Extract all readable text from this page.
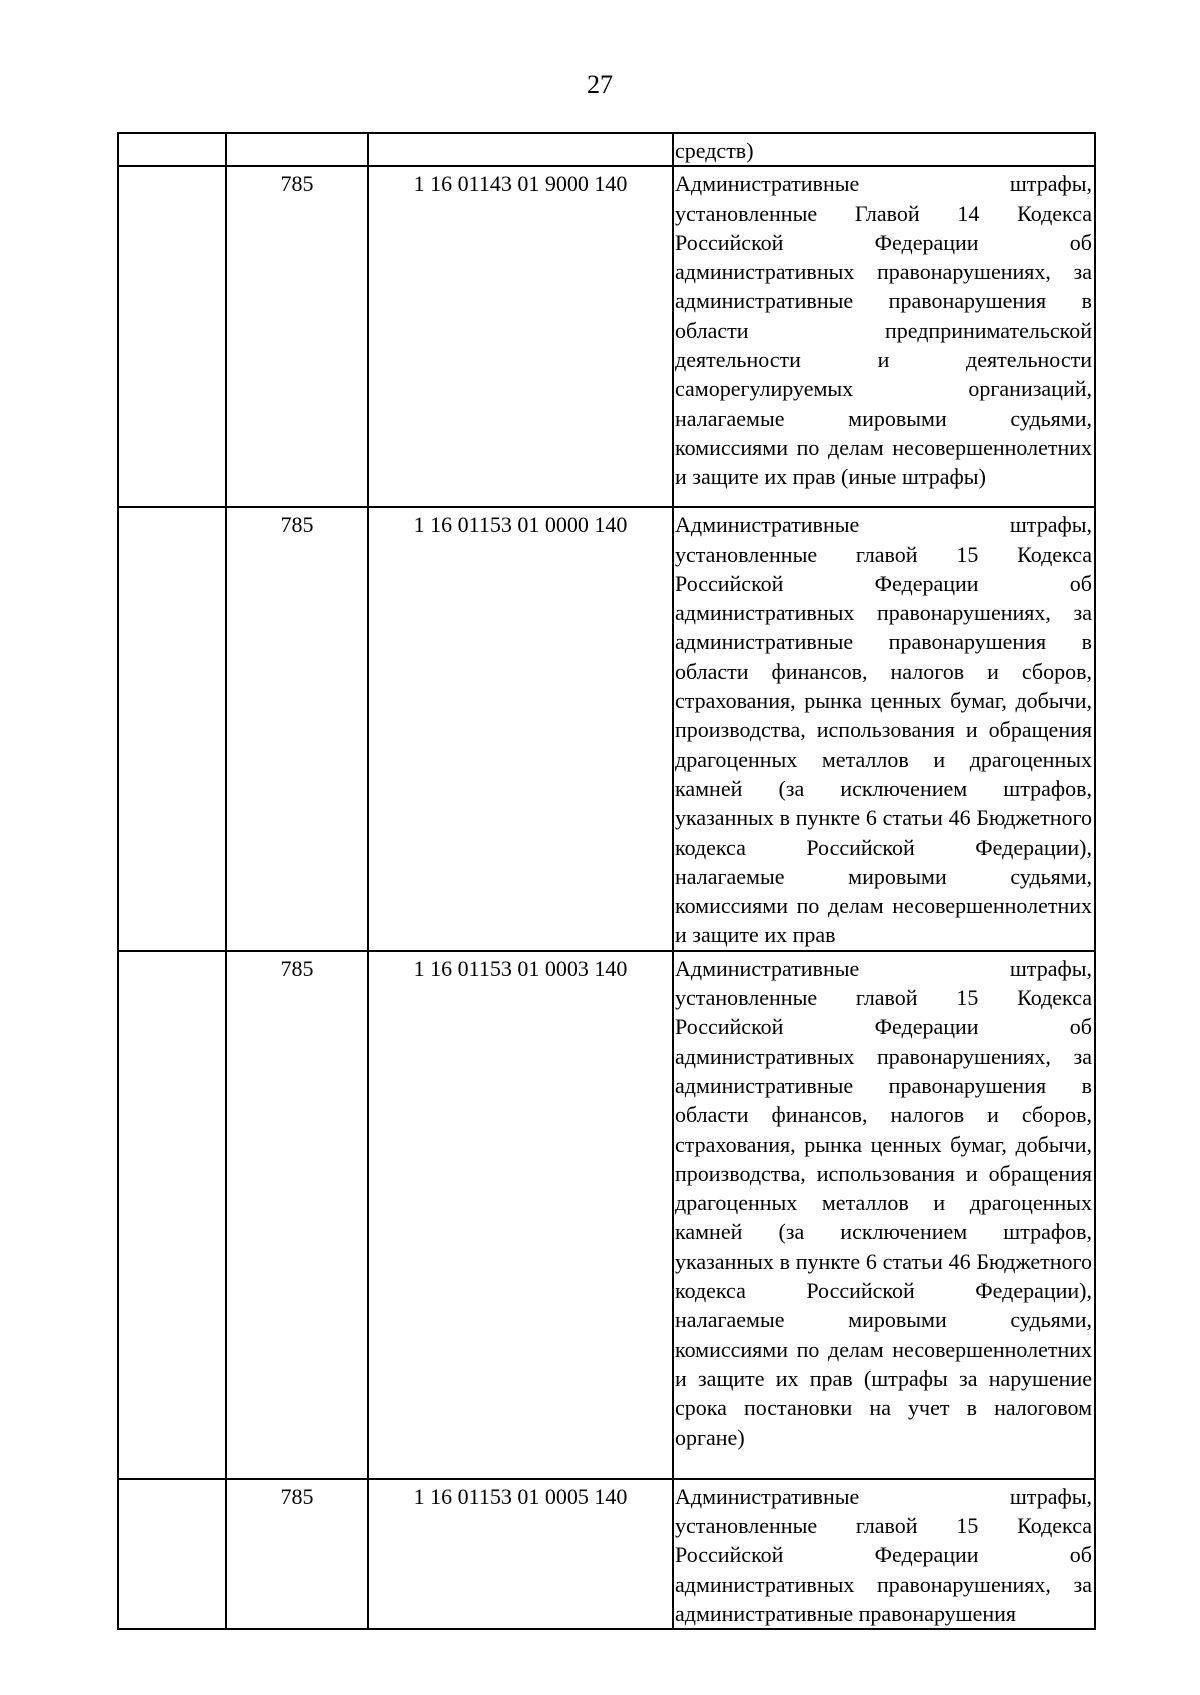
27
			средств)
	785	1 16 01143 01 9000 140	Административные штрафы, установленные Главой 14 Кодекса Российской Федерации об административных правонарушениях, за административные правонарушения в области предпринимательской деятельности и деятельности саморегулируемых организаций, налагаемые мировыми судьями, комиссиями по делам несовершеннолетних и защите их прав (иные штрафы)
	785	1 16 01153 01 0000 140	Административные штрафы, установленные главой 15 Кодекса Российской Федерации об административных правонарушениях, за административные правонарушения в области финансов, налогов и сборов, страхования, рынка ценных бумаг, добычи, производства, использования и обращения драгоценных металлов и драгоценных камней (за исключением штрафов, указанных в пункте 6 статьи 46 Бюджетного кодекса Российской Федерации), налагаемые мировыми судьями, комиссиями по делам несовершеннолетних и защите их прав
	785	1 16 01153 01 0003 140	Административные штрафы, установленные главой 15 Кодекса Российской Федерации об административных правонарушениях, за административные правонарушения в области финансов, налогов и сборов, страхования, рынка ценных бумаг, добычи, производства, использования и обращения драгоценных металлов и драгоценных камней (за исключением штрафов, указанных в пункте 6 статьи 46 Бюджетного кодекса Российской Федерации), налагаемые мировыми судьями, комиссиями по делам несовершеннолетних и защите их прав (штрафы за нарушение срока постановки на учет в налоговом органе)
	785	1 16 01153 01 0005 140	Административные штрафы, установленные главой 15 Кодекса Российской Федерации об административных правонарушениях, за административные правонарушения
